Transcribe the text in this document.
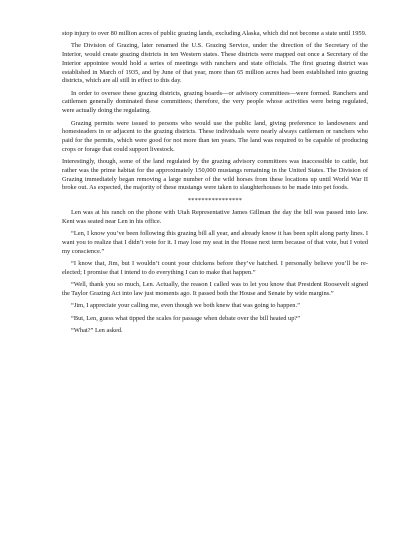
stop injury to over 80 million acres of public grazing lands, excluding Alaska, which did not become a state until 1959.

The Division of Grazing, later renamed the U.S. Grazing Service, under the direction of the Secretary of the Interior, would create grazing districts in ten Western states. These districts were mapped out once a Secretary of the Interior appointee would hold a series of meetings with ranchers and state officials. The first grazing district was established in March of 1935, and by June of that year, more than 65 million acres had been established into grazing districts, which are all still in effect to this day.

In order to oversee these grazing districts, grazing boards—or advisory committees—were formed. Ranchers and cattlemen generally dominated these committees; therefore, the very people whose activities were being regulated, were actually doing the regulating.

Grazing permits were issued to persons who would use the public land, giving preference to landowners and homesteaders in or adjacent to the grazing districts. These individuals were nearly always cattlemen or ranchers who paid for the permits, which were good for not more than ten years. The land was required to be capable of producing crops or forage that could support livestock.

Interestingly, though, some of the land regulated by the grazing advisory committees was inaccessible to cattle, but rather was the prime habitat for the approximately 150,000 mustangs remaining in the United States. The Division of Grazing immediately began removing a large number of the wild horses from these locations up until World War II broke out. As expected, the majority of these mustangs were taken to slaughterhouses to be made into pet foods.

****************

Len was at his ranch on the phone with Utah Representative James Gillman the day the bill was passed into law. Kent was seated near Len in his office.

“Len, I know you’ve been following this grazing bill all year, and already know it has been split along party lines. I want you to realize that I didn’t vote for it. I may lose my seat in the House next term because of that vote, but I voted my conscience.”

“I know that, Jim, but I wouldn’t count your chickens before they’ve hatched. I personally believe you’ll be re-elected; I promise that I intend to do everything I can to make that happen.”

“Well, thank you so much, Len. Actually, the reason I called was to let you know that President Roosevelt signed the Taylor Grazing Act into law just moments ago. It passed both the House and Senate by wide margins.”

“Jim, I appreciate your calling me, even though we both knew that was going to happen.”

“But, Len, guess what tipped the scales for passage when debate over the bill heated up?”

“What?” Len asked.
